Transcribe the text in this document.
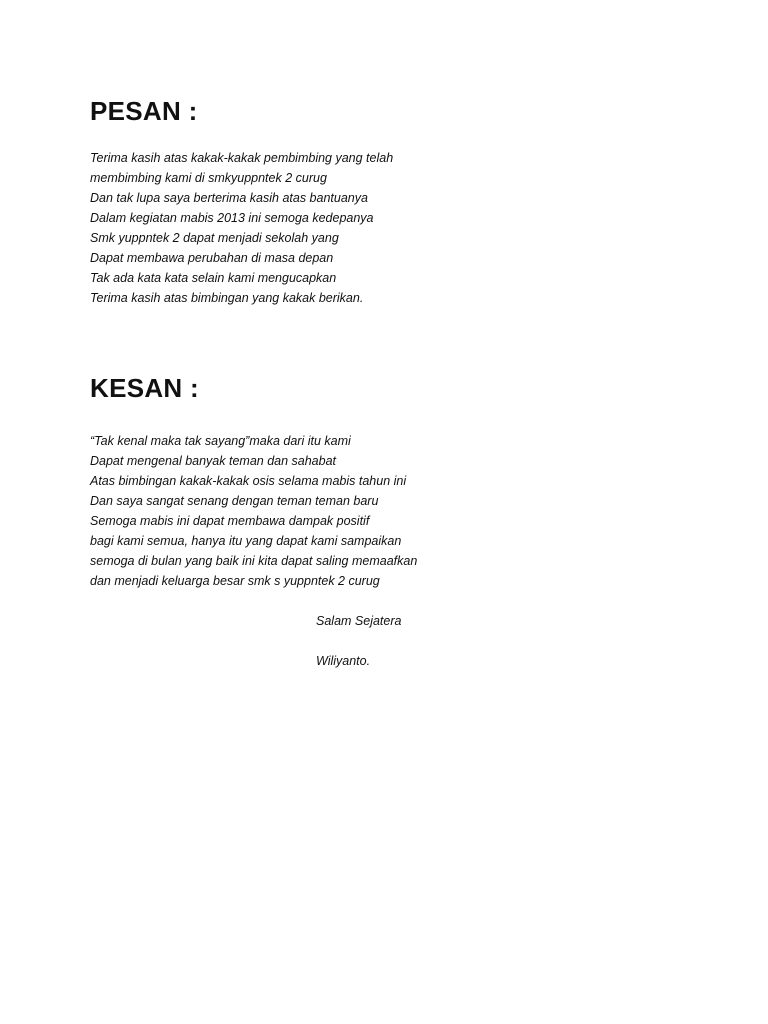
PESAN :
Terima kasih atas kakak-kakak pembimbing yang telah
membimbing kami di smkyuppntek 2 curug
Dan tak lupa saya berterima kasih atas bantuanya
Dalam kegiatan mabis 2013 ini semoga kedepanya
Smk yuppntek 2 dapat menjadi sekolah yang
Dapat membawa perubahan di masa depan
Tak ada kata kata selain kami mengucapkan
Terima kasih atas bimbingan yang kakak berikan.
KESAN :
“Tak kenal maka tak sayang”maka dari itu kami
Dapat mengenal banyak teman dan sahabat
Atas bimbingan kakak-kakak osis selama mabis tahun ini
Dan saya sangat senang dengan teman teman baru
Semoga mabis ini dapat membawa dampak positif
bagi kami semua, hanya itu yang dapat kami sampaikan
semoga di bulan yang baik ini kita dapat saling memaafkan
dan menjadi keluarga besar smk s yuppntek 2 curug

Salam Sejatera

Wiliyanto.
